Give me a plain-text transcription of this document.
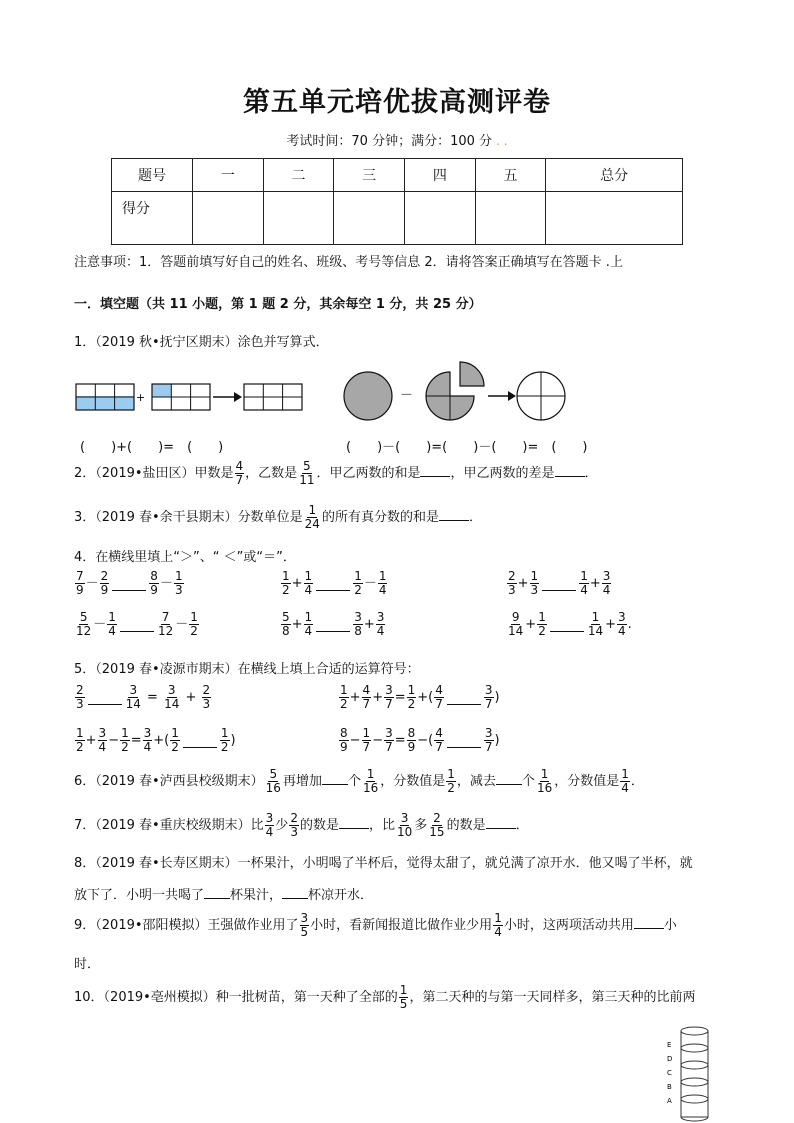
第五单元培优拔高测评卷
考试时间：70 分钟；满分：100 分 . .
题号	一	二	三	四	五	总分
得分						
注意事项：1．答题前填写好自己的姓名、班级、考号等信息 2．请将答案正确填写在答题卡 .上
一．填空题（共 11 小题，第 1 题 2 分，其余每空 1 分，共 25 分）
1．（2019 秋•抚宁区期末）涂色并写算式．
+	－
E
D
C
B
A
(　　)+(　　)=　(　　)	(　　)－(　　)=(　　)－(　　)=　(　　)
2．（2019•盐田区）甲数是 $\frac{4}{7}$ ，乙数是 $\frac{5}{11}$ ．甲乙两数的和是 ，甲乙两数的差是 ．
3．（2019 春•余干县期末）分数单位是 $\frac{1}{24}$ 的所有真分数的和是 ．
4．在横线里填上“＞”、“ ＜”或“＝”．
$\frac{7}{9} - \frac{2}{9}$	$\frac{8}{9} - \frac{1}{3}$	$\frac{1}{2} + \frac{1}{4}$	$\frac{1}{2} - \frac{1}{4}$	$\frac{2}{3} + \frac{1}{3}$	$\frac{1}{4} + \frac{3}{4}$
$\frac{5}{12} - \frac{1}{4}$	$\frac{7}{12} - \frac{1}{2}$	$\frac{5}{8} + \frac{1}{4}$	$\frac{3}{8} + \frac{3}{4}$	$\frac{9}{14} + \frac{1}{2}$	$\frac{1}{14} + \frac{3}{4}$ .
5．（2019 春•凌源市期末）在横线上填上合适的运算符号：
$\frac{2}{3}$	$\frac{3}{14} = \frac{3}{14} + \frac{2}{3}$	$\frac{1}{2} + \frac{4}{7} + \frac{3}{7} = \frac{1}{2}$ +( $\frac{4}{7}$	$\frac{3}{7}$ )
$\frac{1}{2} + \frac{3}{4} - \frac{1}{2} = \frac{3}{4}$ +( $\frac{1}{2}$	$\frac{1}{2}$ )	$\frac{8}{9} - \frac{1}{7} - \frac{3}{7} = \frac{8}{9}$ −( $\frac{4}{7}$	$\frac{3}{7}$ )
6．（2019 春•泸西县校级期末） $\frac{5}{16}$ 再增加 个 $\frac{1}{16}$ ，分数值是 $\frac{1}{2}$ ，减去 个 $\frac{1}{16}$ ，分数值是 $\frac{1}{4}$ ．
7．（2019 春•重庆校级期末）比 $\frac{3}{4}$ 少 $\frac{2}{3}$ 的数是 ，比 $\frac{3}{10}$ 多 $\frac{2}{15}$ 的数是 ．
8．（2019 春•长寿区期末）一杯果汁，小明喝了半杯后，觉得太甜了，就兑满了凉开水．他又喝了半杯，就
放下了．小明一共喝了 杯果汁， 杯凉开水．
9．（2019•邵阳模拟）王强做作业用了 $\frac{3}{5}$ 小时，看新闻报道比做作业少用 $\frac{1}{4}$ 小时，这两项活动共用 小
时．
10．（2019•亳州模拟）种一批树苗，第一天种了全部的 $\frac{1}{5}$ ，第二天种的与第一天同样多，第三天种的比前两
